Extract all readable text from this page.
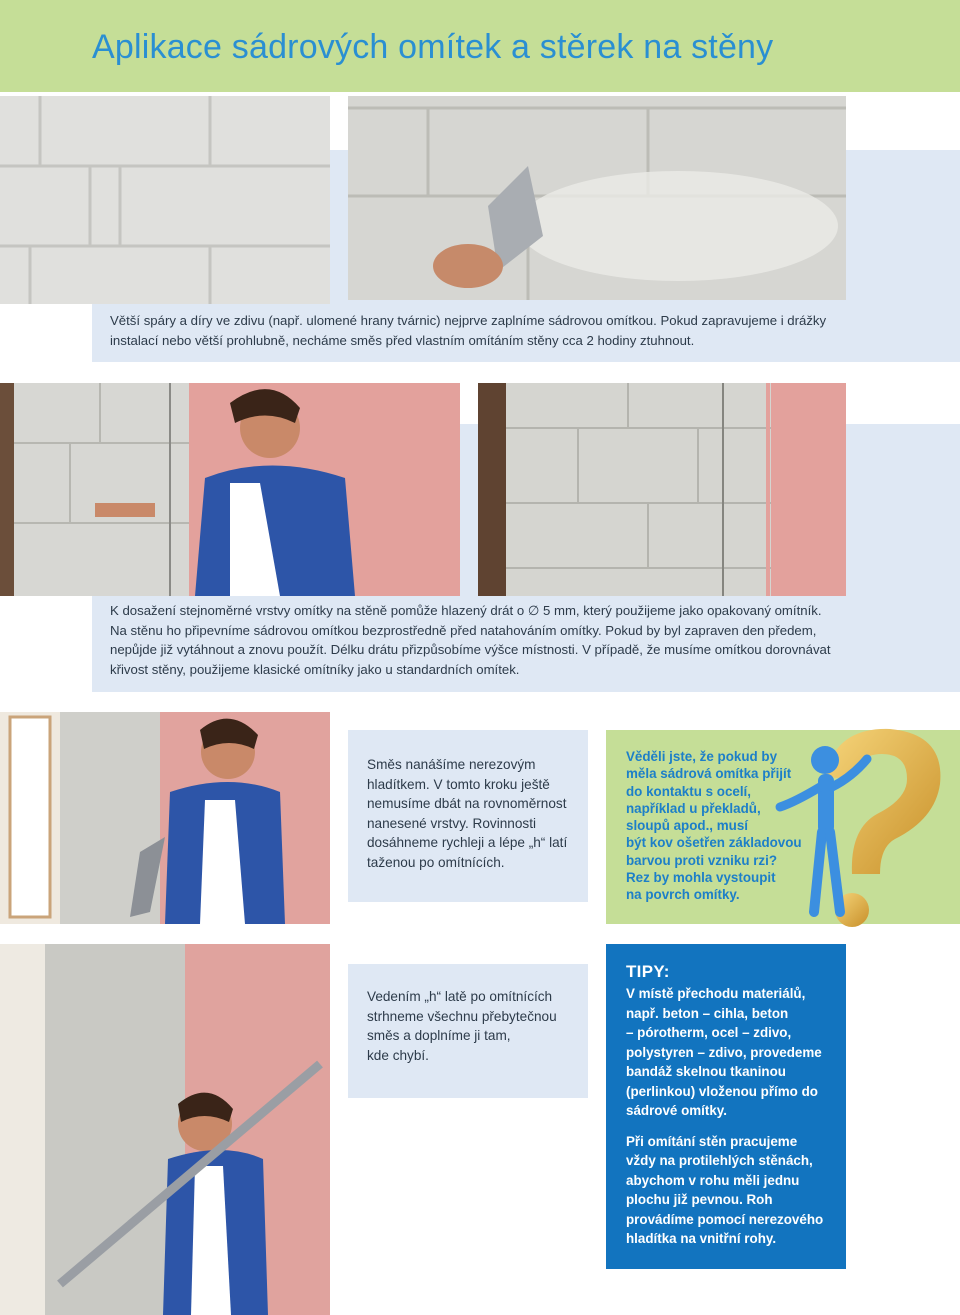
Aplikace sádrových omítek a stěrek na stěny
Větší spáry a díry ve zdivu (např. ulomené hrany tvárnic) nejprve zaplníme sádrovou omítkou. Pokud zapravujeme i drážky
instalací nebo větší prohlubně, necháme směs před vlastním omítáním stěny cca 2 hodiny ztuhnout.
K dosažení stejnoměrné vrstvy omítky na stěně pomůže hlazený drát o ∅ 5 mm, který použijeme jako opakovaný omítník.
Na stěnu ho připevníme sádrovou omítkou bezprostředně před natahováním omítky. Pokud by byl zapraven den předem,
nepůjde již vytáhnout a znovu použít. Délku drátu přizpůsobíme výšce místnosti. V případě, že musíme omítkou dorovnávat
křivost stěny, použijeme klasické omítníky jako u standardních omítek.
Směs nanášíme nerezovým
hladítkem. V tomto kroku ještě
nemusíme dbát na rovnoměrnost
nanesené vrstvy. Rovinnosti
dosáhneme rychleji a lépe „h“ latí
taženou po omítnících.
Věděli jste, že pokud by
měla sádrová omítka přijít
do kontaktu s ocelí,
například u překladů,
sloupů apod., musí
být kov ošetřen základovou
barvou proti vzniku rzi?
Rez by mohla vystoupit
na povrch omítky.
Vedením „h“ latě po omítnících
strhneme všechnu přebytečnou
směs a doplníme ji tam,
kde chybí.
TIPY:
V místě přechodu materiálů,
např. beton – cihla, beton
– pórotherm, ocel – zdivo,
polystyren – zdivo, provedeme
bandáž skelnou tkaninou
(perlinkou) vloženou přímo do
sádrové omítky.
Při omítání stěn pracujeme
vždy na protilehlých stěnách,
abychom v rohu měli jednu
plochu již pevnou. Roh
provádíme pomocí nerezového
hladítka na vnitřní rohy.
